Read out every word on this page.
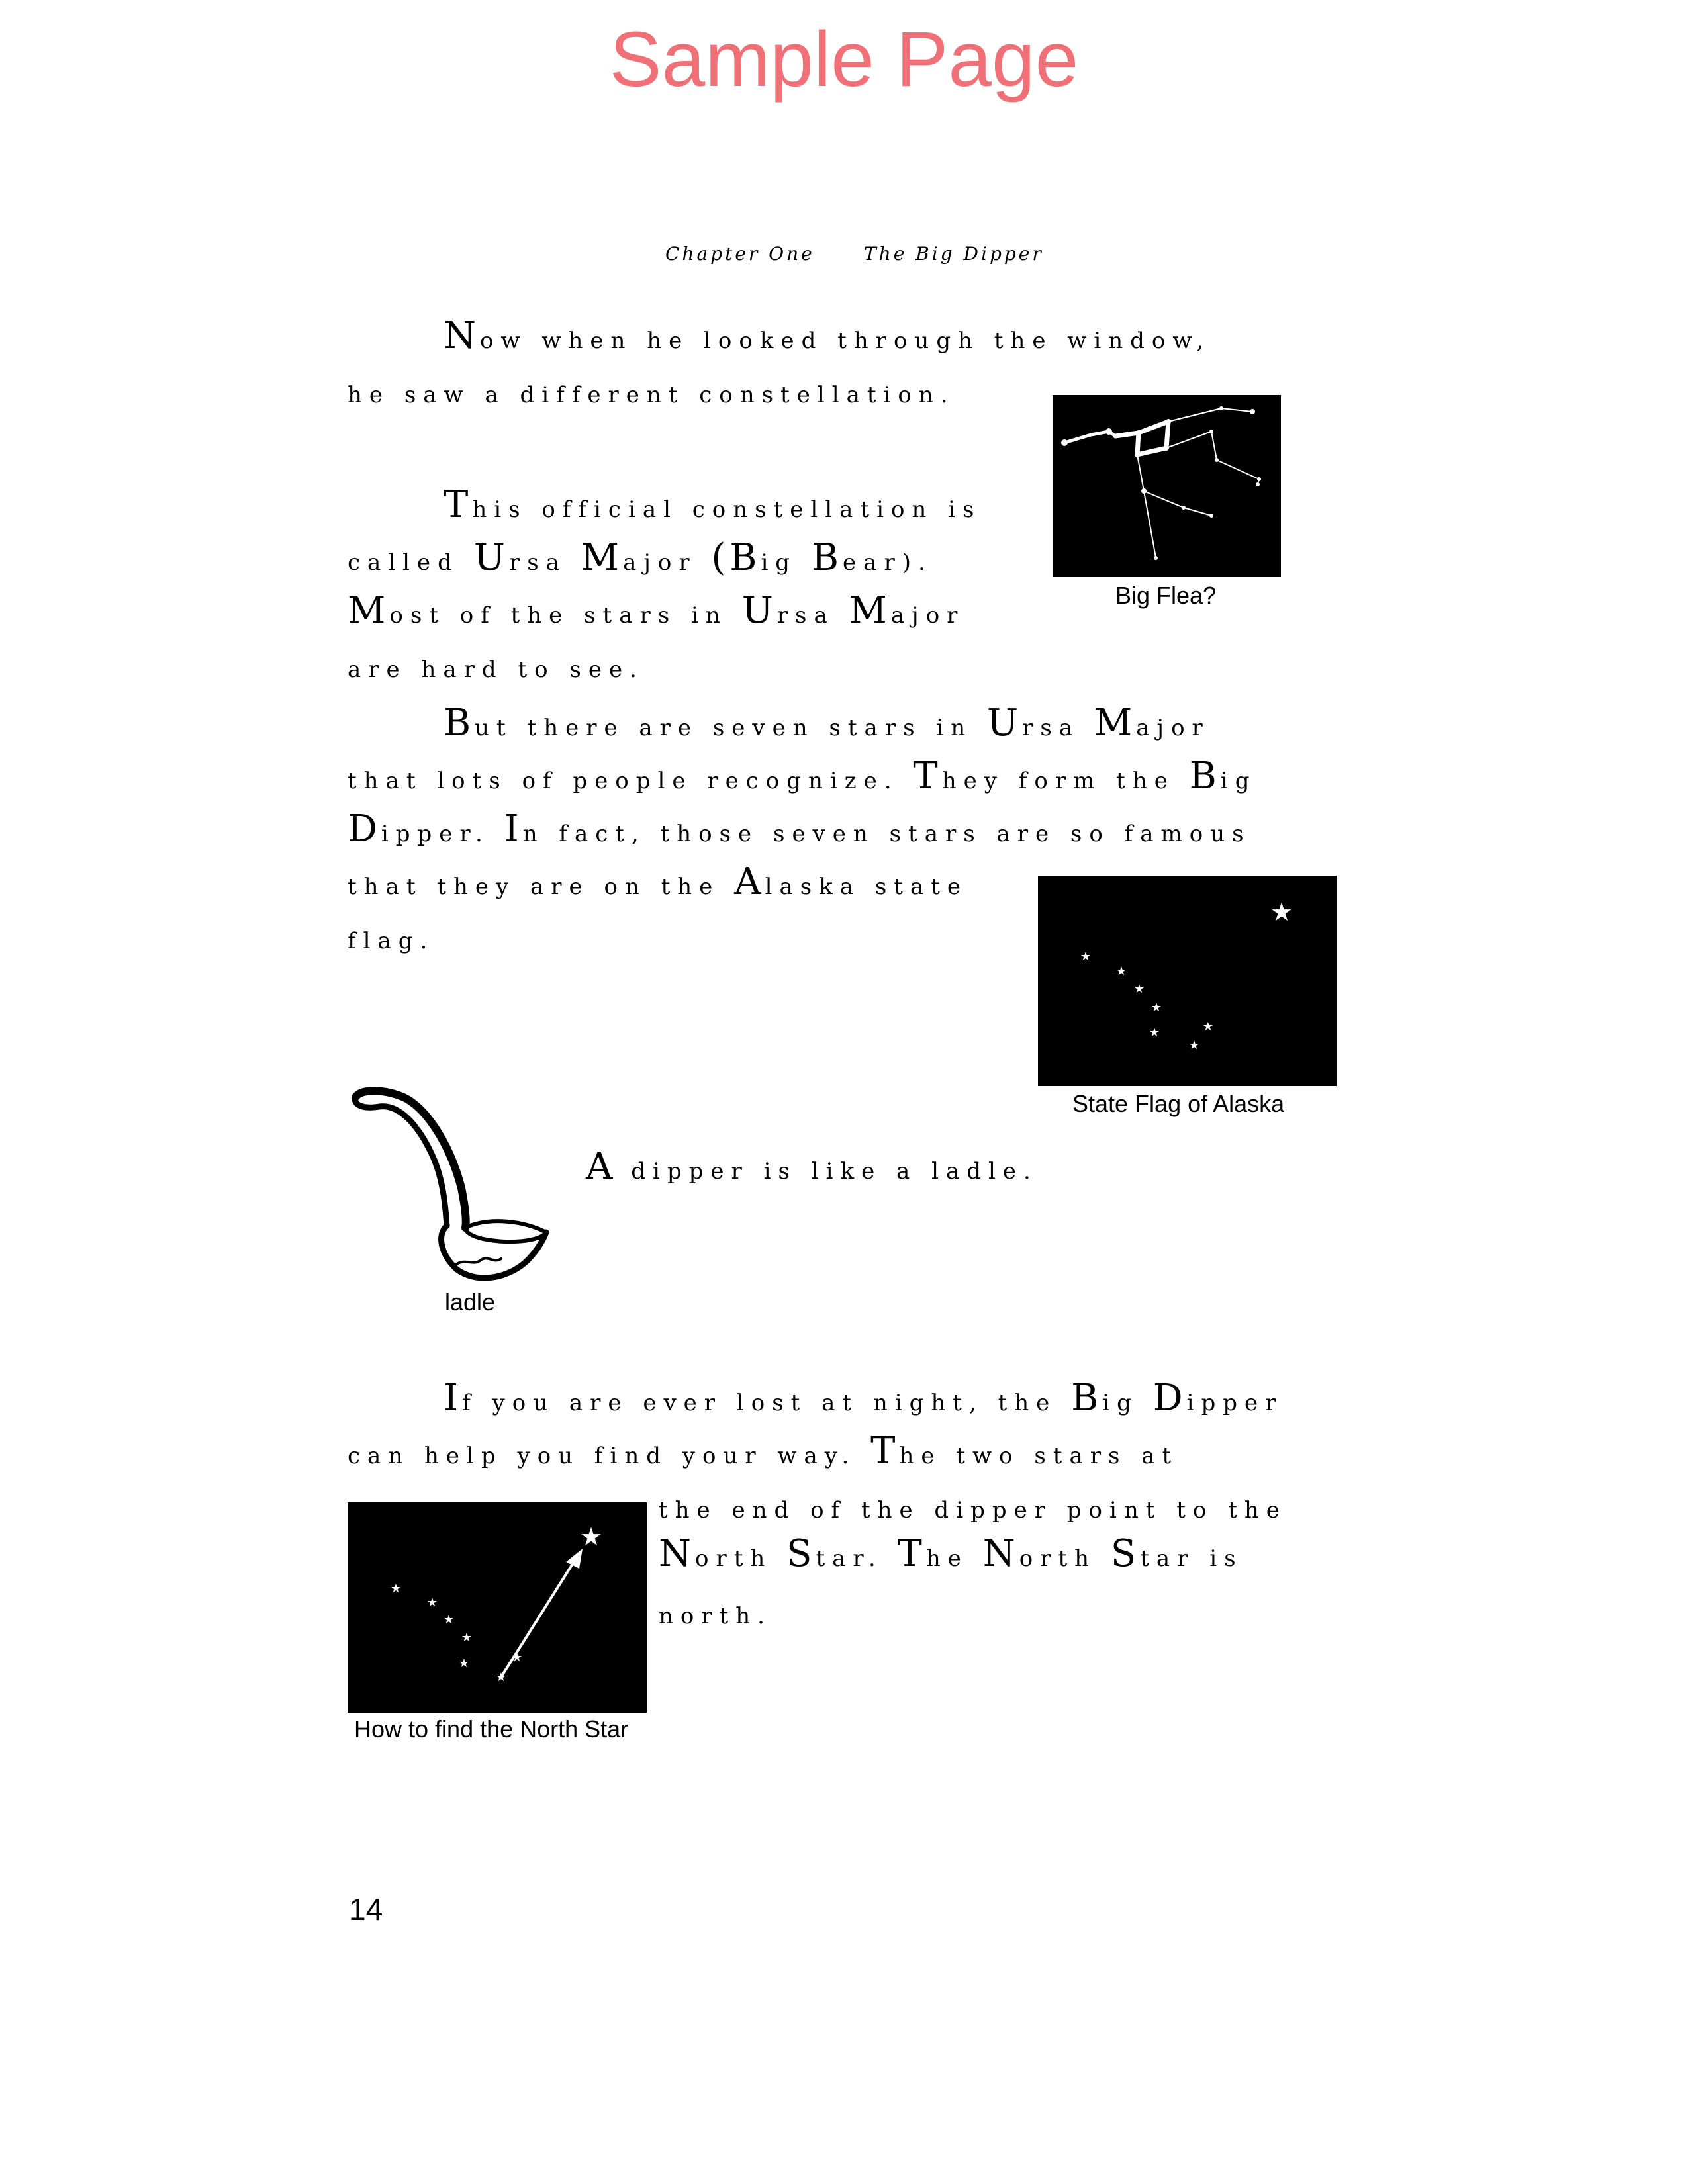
Sample Page
Chapter One	The Big Dipper
Now when he looked through the window,
he saw a different constellation.
This official constellation is
called Ursa Major (Big Bear).
Most of the stars in Ursa Major
are hard to see.
But there are seven stars in Ursa Major
that lots of people recognize. They form the Big
Dipper. In fact, those seven stars are so famous
that they are on the Alaska state
flag.
A dipper is like a ladle.
If you are ever lost at night, the Big Dipper
can help you find your way. The two stars at
the end of the dipper point to the
North Star. The North Star is
north.
Big Flea?
★
★
★
★
★
★
★
★
State Flag of Alaska
ladle
★
★
★
★
★
★
★
★
How to find the North Star
14
